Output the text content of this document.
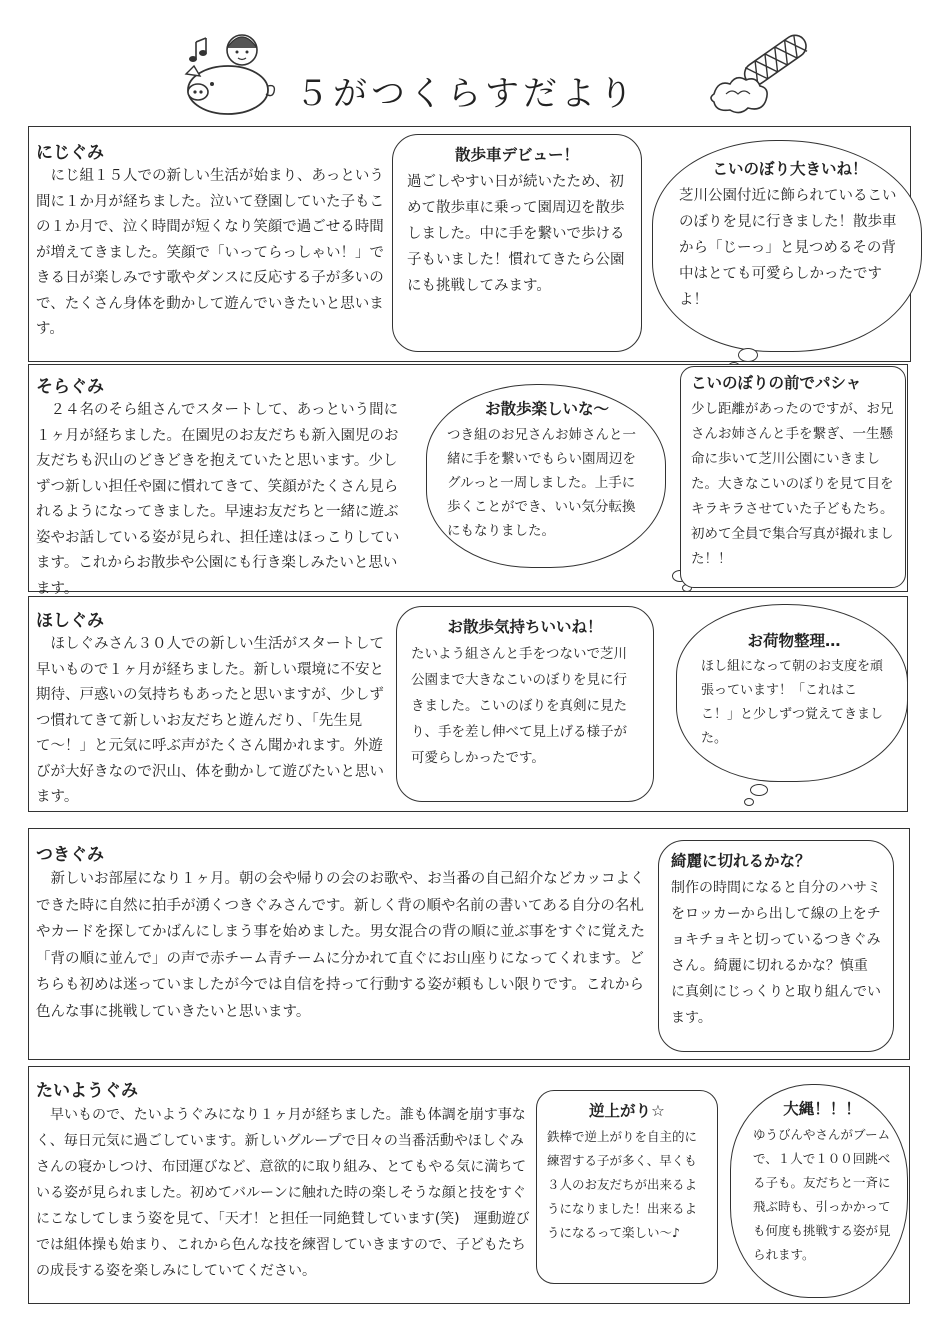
５がつくらすだより
にじぐみ
　にじ組１５人での新しい生活が始まり、あっという間に１か月が経ちました。泣いて登園していた子もこの１か月で、泣く時間が短くなり笑顔で過ごせる時間が増えてきました。笑顔で「いってらっしゃい！」できる日が楽しみです歌やダンスに反応する子が多いので、たくさん身体を動かして遊んでいきたいと思います。
散歩車デビュー！
過ごしやすい日が続いたため、初めて散歩車に乗って園周辺を散歩しました。中に手を繋いで歩ける子もいました！慣れてきたら公園にも挑戦してみます。
こいのぼり大きいね！
芝川公園付近に飾られているこいのぼりを見に行きました！散歩車から「じーっ」と見つめるその背中はとても可愛らしかったですよ！
そらぐみ
　２４名のそら組さんでスタートして、あっという間に１ヶ月が経ちました。在園児のお友だちも新入園児のお友だちも沢山のどきどきを抱えていたと思います。少しずつ新しい担任や園に慣れてきて、笑顔がたくさん見られるようになってきました。早速お友だちと一緒に遊ぶ姿やお話している姿が見られ、担任達はほっこりしています。これからお散歩や公園にも行き楽しみたいと思います。
お散歩楽しいな〜
つき組のお兄さんお姉さんと一緒に手を繋いでもらい園周辺をグルっと一周しました。上手に歩くことができ、いい気分転換にもなりました。
こいのぼりの前でパシャ
少し距離があったのですが、お兄さんお姉さんと手を繋ぎ、一生懸命に歩いて芝川公園にいきました。大きなこいのぼりを見て目をキラキラさせていた子どもたち。初めて全員で集合写真が撮れました！！
ほしぐみ
　ほしぐみさん３０人での新しい生活がスタートして早いもので１ヶ月が経ちました。新しい環境に不安と期待、戸惑いの気持ちもあったと思いますが、少しずつ慣れてきて新しいお友だちと遊んだり、「先生見て〜！」と元気に呼ぶ声がたくさん聞かれます。外遊びが大好きなので沢山、体を動かして遊びたいと思います。
お散歩気持ちいいね！
たいよう組さんと手をつないで芝川公園まで大きなこいのぼりを見に行きました。こいのぼりを真剣に見たり、手を差し伸べて見上げる様子が可愛らしかったです。
お荷物整理…
ほし組になって朝のお支度を頑張っています！「これはここ！」と少しずつ覚えてきました。
つきぐみ
　新しいお部屋になり１ヶ月。朝の会や帰りの会のお歌や、お当番の自己紹介などカッコよくできた時に自然に拍手が湧くつきぐみさんです。新しく背の順や名前の書いてある自分の名札やカードを探してかばんにしまう事を始めました。男女混合の背の順に並ぶ事をすぐに覚えた「背の順に並んで」の声で赤チーム青チームに分かれて直ぐにお山座りになってくれます。どちらも初めは迷っていましたが今では自信を持って行動する姿が頼もしい限りです。これから色んな事に挑戦していきたいと思います。
綺麗に切れるかな？
制作の時間になると自分のハサミをロッカーから出して線の上をチョキチョキと切っているつきぐみさん。綺麗に切れるかな？慎重に真剣にじっくりと取り組んでいます。
たいようぐみ
　早いもので、たいようぐみになり１ヶ月が経ちました。誰も体調を崩す事なく、毎日元気に過ごしています。新しいグループで日々の当番活動やほしぐみさんの寝かしつけ、布団運びなど、意欲的に取り組み、とてもやる気に満ちている姿が見られました。初めてバルーンに触れた時の楽しそうな顔と技をすぐにこなしてしまう姿を見て、「天才！と担任一同絶賛しています(笑)　運動遊びでは組体操も始まり、これから色んな技を練習していきますので、子どもたちの成長する姿を楽しみにしていてください。
逆上がり☆
鉄棒で逆上がりを自主的に練習する子が多く、早くも３人のお友だちが出来るようになりました！出来るようになるって楽しい〜♪
大縄！！！
ゆうびんやさんがブームで、１人で１００回跳べる子も。友だちと一斉に飛ぶ時も、引っかかっても何度も挑戦する姿が見られます。
